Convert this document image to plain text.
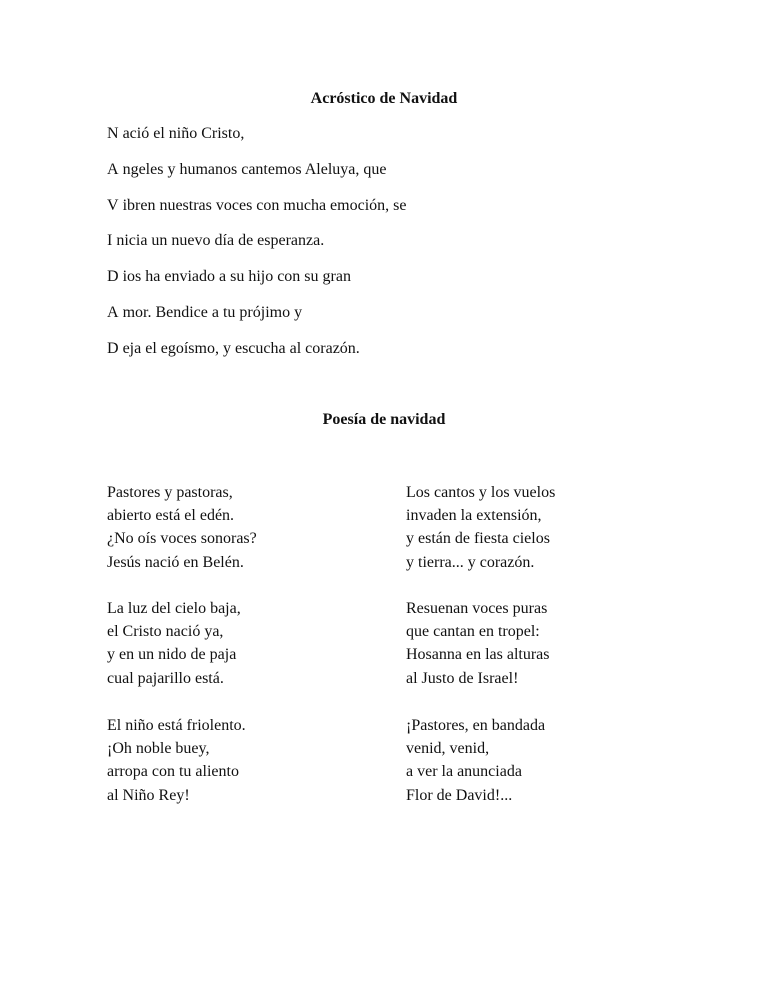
Acróstico de Navidad
N ació el niño Cristo,
A ngeles y humanos cantemos Aleluya, que
V ibren nuestras voces con mucha emoción, se
I nicia un nuevo día de esperanza.
D ios ha enviado a su hijo con su gran
A mor. Bendice a tu prójimo y
D eja el egoísmo, y escucha al corazón.
Poesía de navidad

Pastores y pastoras,
abierto está el edén.
¿No oís voces sonoras?
Jesús nació en Belén.

La luz del cielo baja,
el Cristo nació ya,
y en un nido de paja
cual pajarillo está.

El niño está friolento.
¡Oh noble buey,
arropa con tu aliento
al Niño Rey!

Los cantos y los vuelos
invaden la extensión,
y están de fiesta cielos
y tierra... y corazón.

Resuenan voces puras
que cantan en tropel:
Hosanna en las alturas
al Justo de Israel!

¡Pastores, en bandada
venid, venid,
a ver la anunciada
Flor de David!...
